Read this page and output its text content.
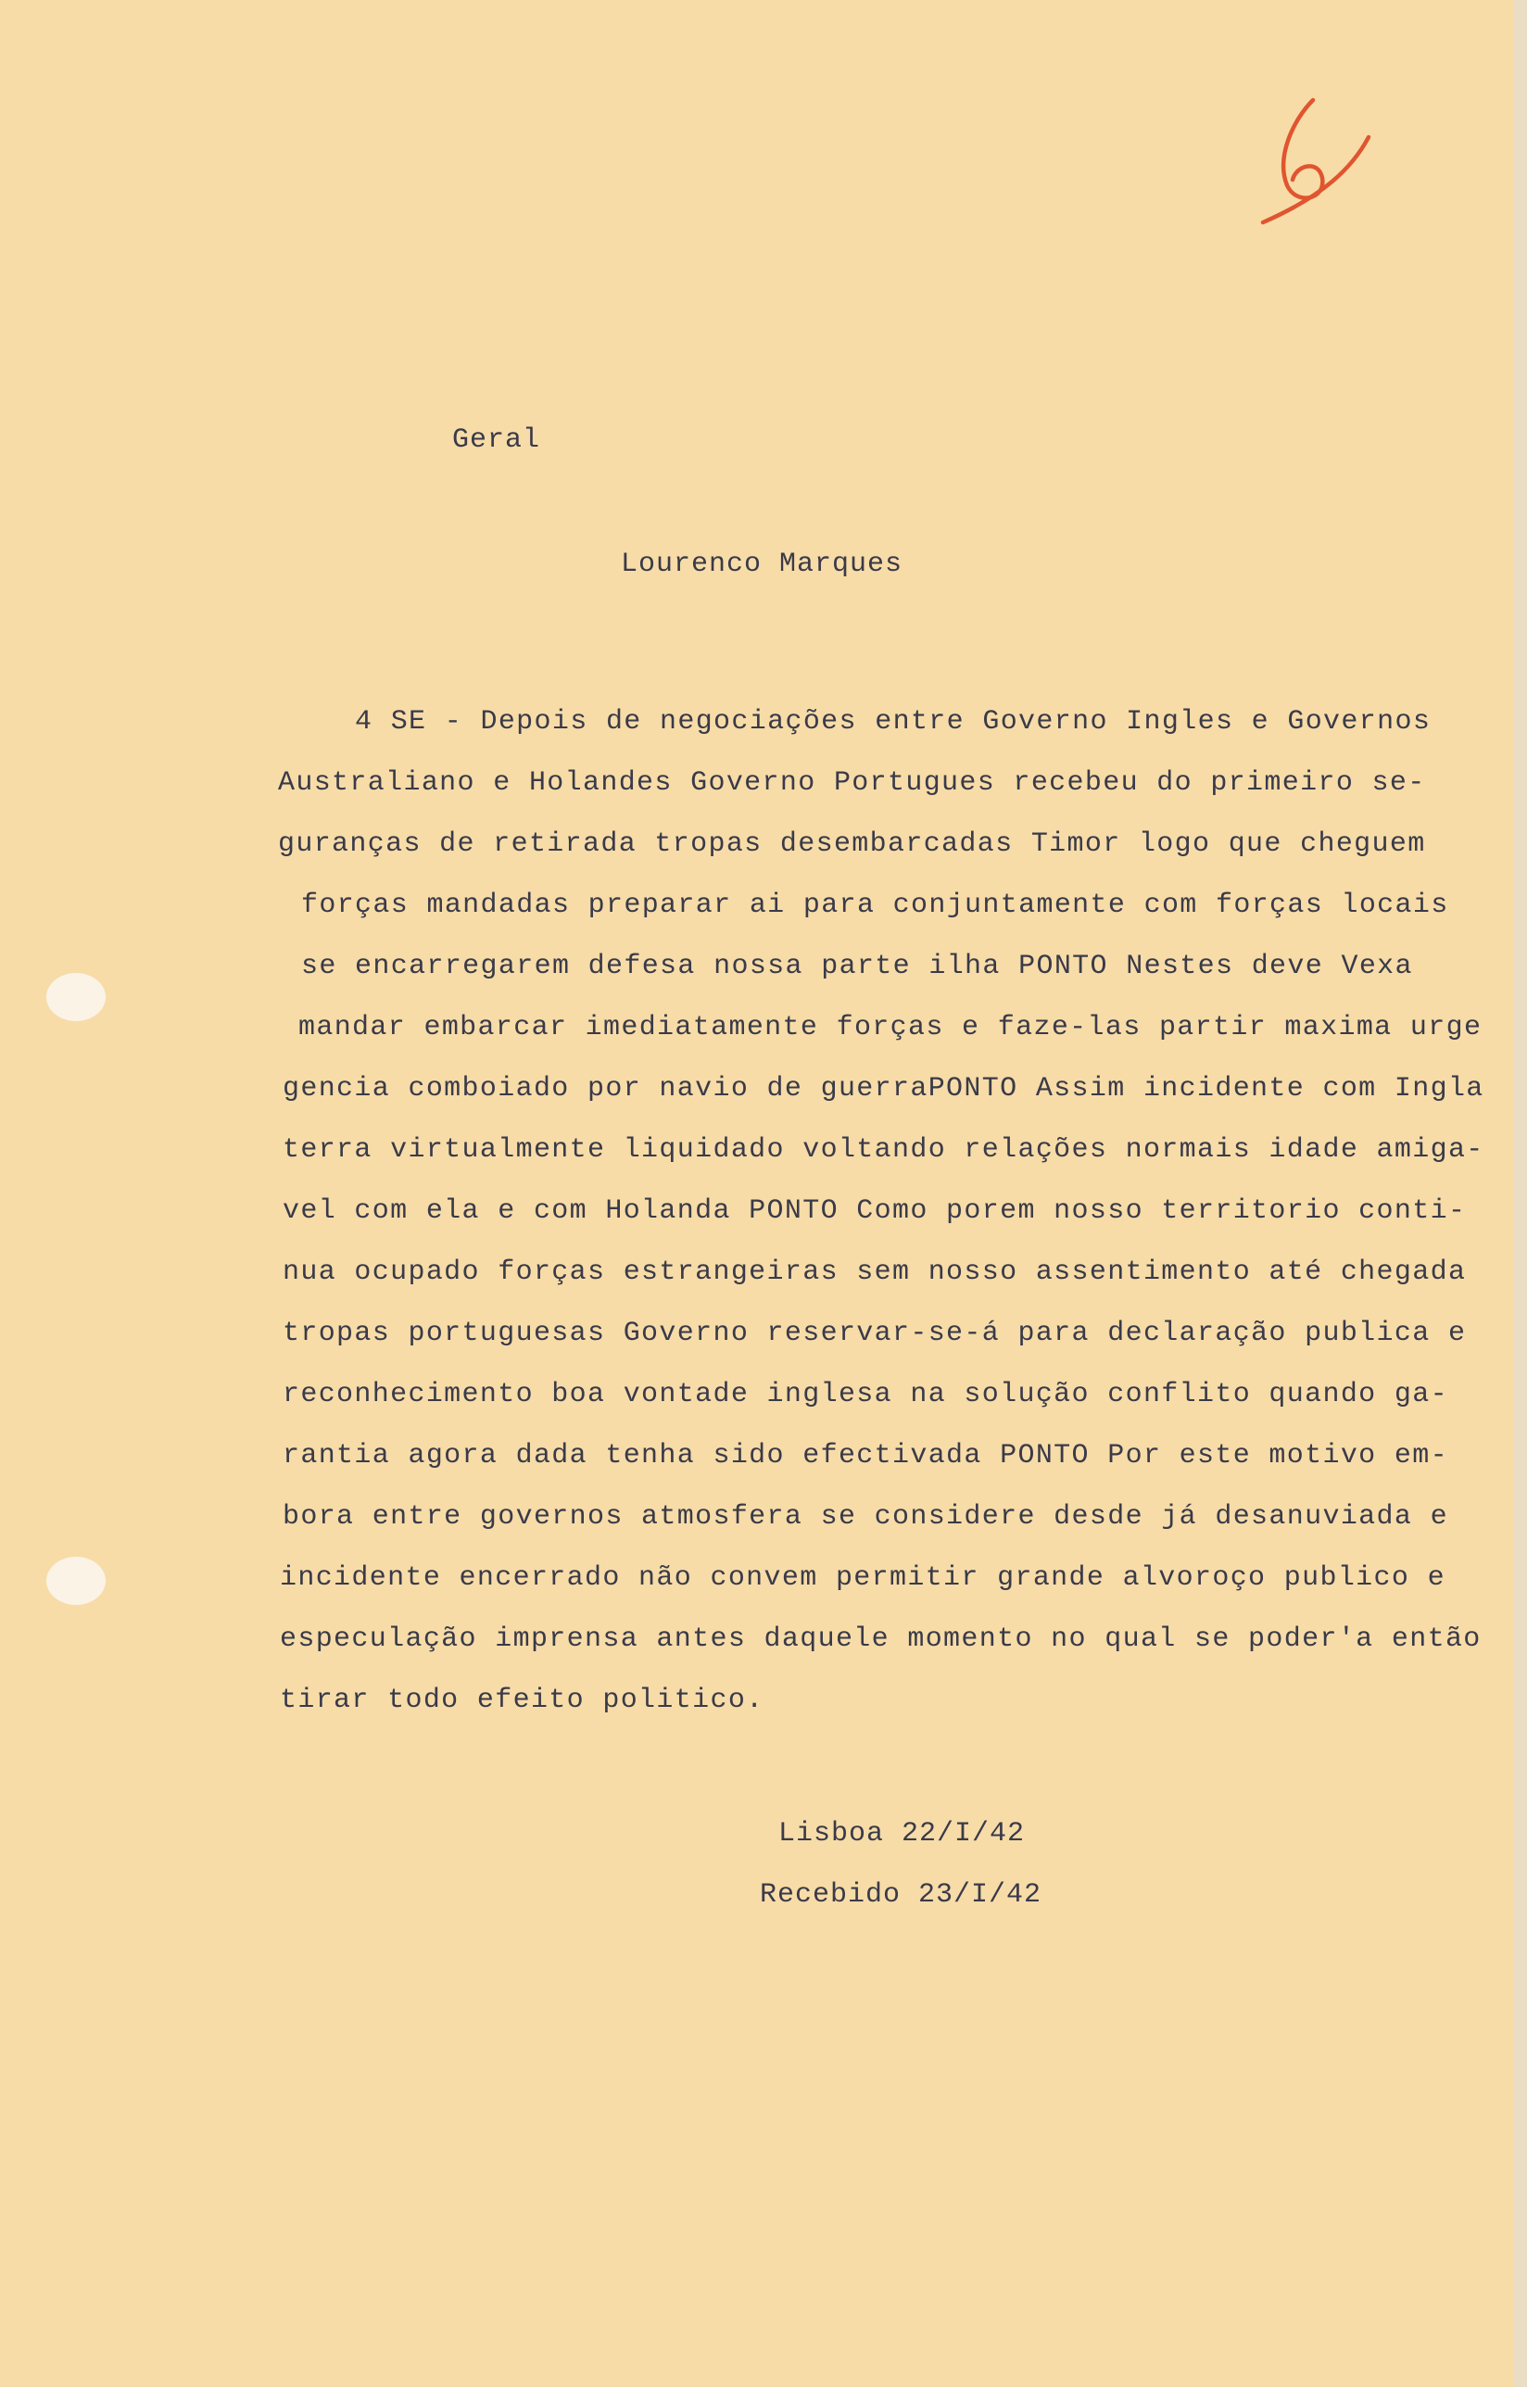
Geral
Lourenco Marques
4 SE - Depois de negociações entre Governo Ingles e Governos
Australiano e Holandes Governo Portugues recebeu do primeiro se-
guranças de retirada tropas desembarcadas Timor logo que cheguem
forças mandadas preparar ai para conjuntamente com forças locais
se encarregarem defesa nossa parte ilha PONTO Nestes deve Vexa
mandar embarcar imediatamente forças e faze-las partir maxima urge
gencia comboiado por navio de guerraPONTO Assim incidente com Ingla
terra virtualmente liquidado voltando relações normais idade amiga-
vel com ela e com Holanda PONTO Como porem nosso territorio conti-
nua ocupado forças estrangeiras sem nosso assentimento até chegada
tropas portuguesas Governo reservar-se-á para declaração publica e
reconhecimento boa vontade inglesa na solução conflito quando ga-
rantia agora dada tenha sido efectivada PONTO Por este motivo em-
bora entre governos atmosfera se considere desde já desanuviada e
incidente encerrado não convem permitir grande alvoroço publico e
especulação imprensa antes daquele momento no qual se poder'a então
tirar todo efeito politico.
Lisboa 22/I/42
Recebido 23/I/42
